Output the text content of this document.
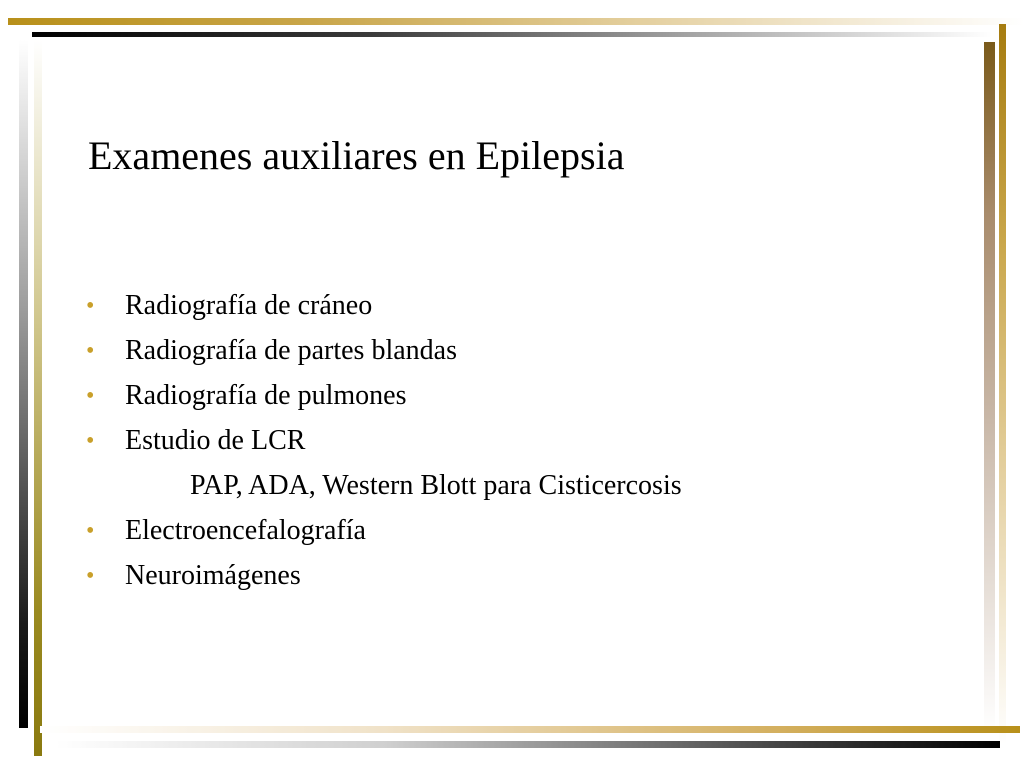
Examenes auxiliares en Epilepsia
•	Radiografía de cráneo
•	Radiografía de partes blandas
•	Radiografía de pulmones
•	Estudio de LCR
PAP, ADA, Western Blott para Cisticercosis
•	Electroencefalografía
•	Neuroimágenes
